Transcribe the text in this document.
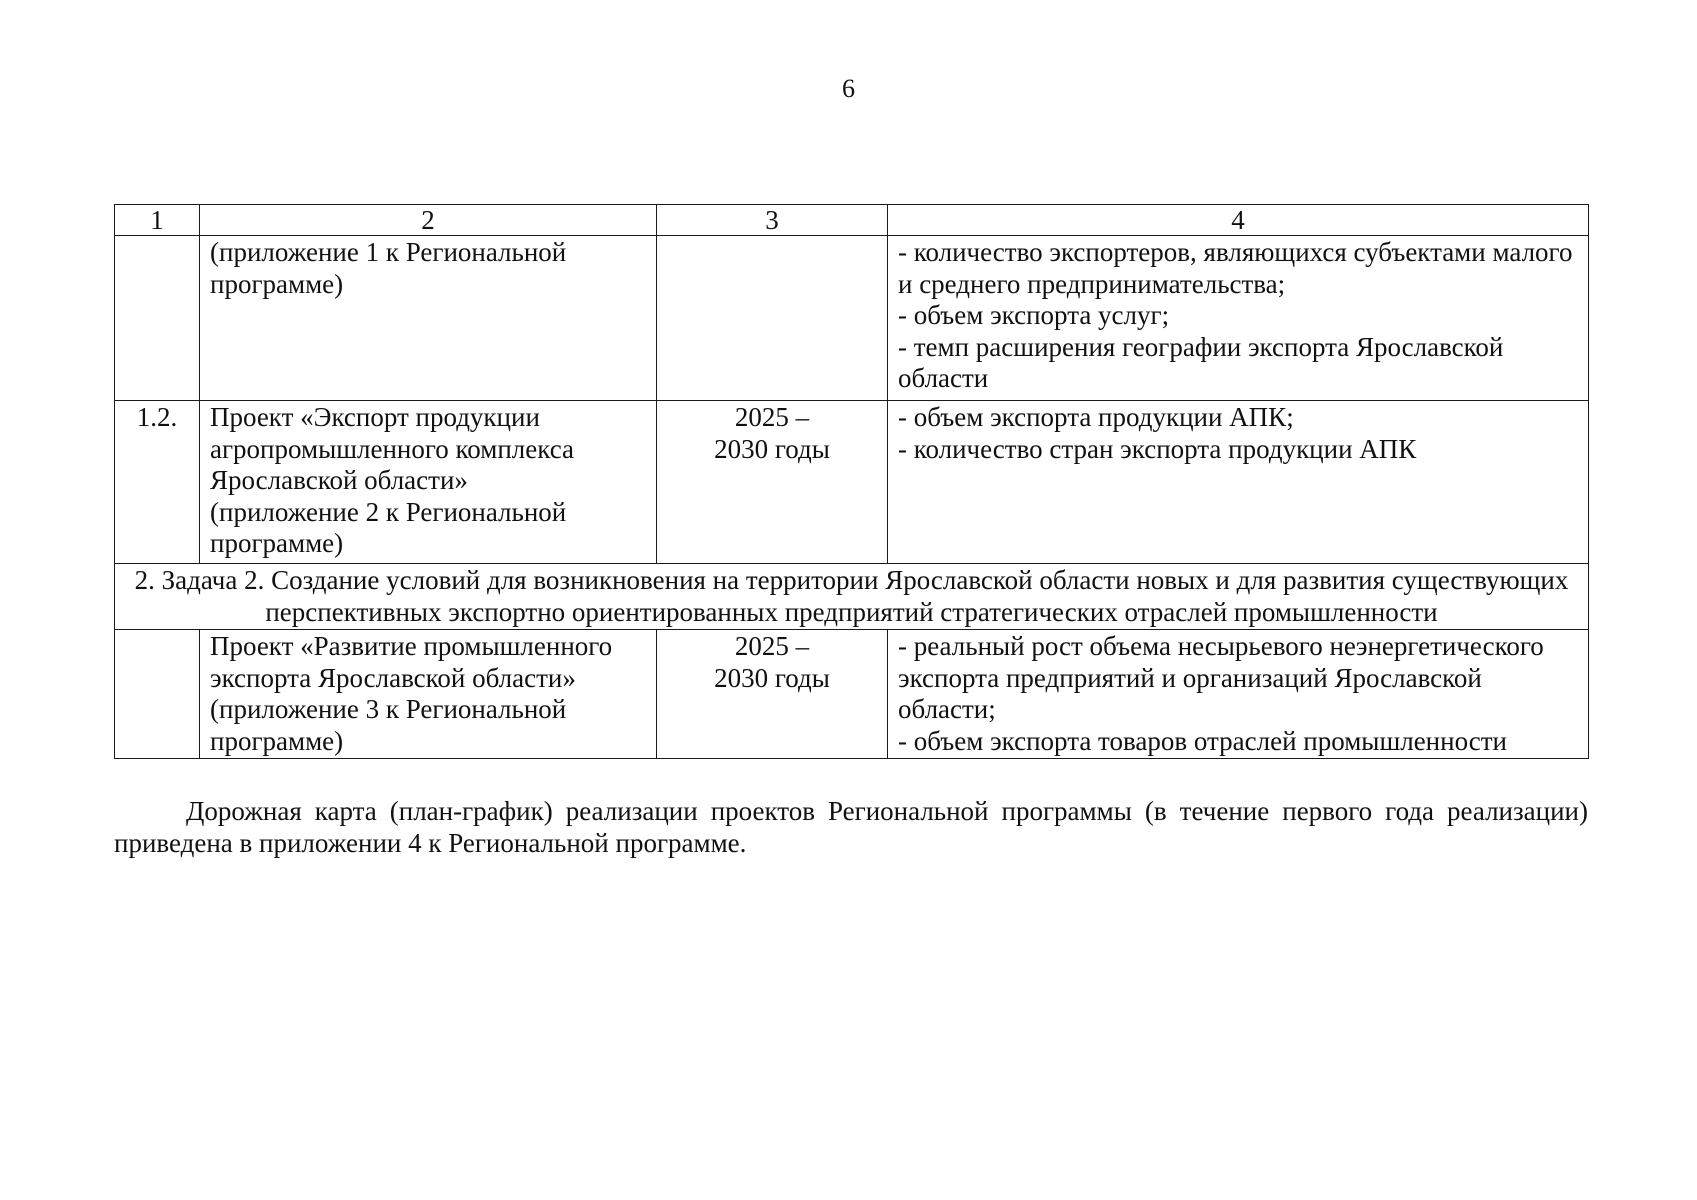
6
1	2	3	4
	(приложение 1 к Региональной программе)		- количество экспортеров, являющихся субъектами малого и среднего предпринимательства;
- объем экспорта услуг;
- темп расширения географии экспорта Ярославской области

1.2.	Проект «Экспорт продукции агропромышленного комплекса Ярославской области» (приложение 2 к Региональной программе)	2025 – 2030 годы	- объем экспорта продукции АПК;
- количество стран экспорта продукции АПК

2. Задача 2. Создание условий для возникновения на территории Ярославской области новых и для развития существующих перспективных экспортно ориентированных предприятий стратегических отраслей промышленности			
	Проект «Развитие промышленного экспорта Ярославской области» (приложение 3 к Региональной программе)	2025 – 2030 годы	- реальный рост объема несырьевого неэнергетического экспорта предприятий и организаций Ярославской области;
- объем экспорта товаров отраслей промышленности

Дорожная карта (план-график) реализации проектов Региональной программы (в течение первого года реализации) приведена в приложении 4 к Региональной программе.
